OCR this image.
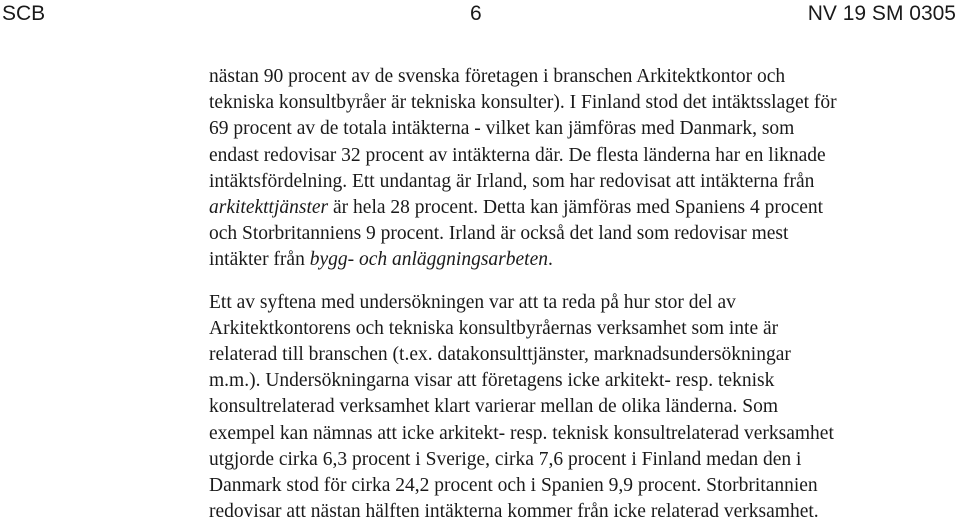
SCB	6	NV 19 SM 0305

nästan 90 procent av de svenska företagen i branschen Arkitektkontor och
tekniska konsultbyråer är tekniska konsulter). I Finland stod det intäktsslaget för
69 procent av de totala intäkterna - vilket kan jämföras med Danmark, som
endast redovisar 32 procent av intäkterna där. De flesta länderna har en liknade
intäktsfördelning. Ett undantag är Irland, som har redovisat att intäkterna från
arkitekttjänster är hela 28 procent. Detta kan jämföras med Spaniens 4 procent
och Storbritanniens 9 procent. Irland är också det land som redovisar mest
intäkter från bygg- och anläggningsarbeten.

Ett av syftena med undersökningen var att ta reda på hur stor del av
Arkitektkontorens och tekniska konsultbyråernas verksamhet som inte är
relaterad till branschen (t.ex. datakonsulttjänster, marknadsundersökningar
m.m.). Undersökningarna visar att företagens icke arkitekt- resp. teknisk
konsultrelaterad verksamhet klart varierar mellan de olika länderna. Som
exempel kan nämnas att icke arkitekt- resp. teknisk konsultrelaterad verksamhet
utgjorde cirka 6,3 procent i Sverige, cirka 7,6 procent i Finland medan den i
Danmark stod för cirka 24,2 procent och i Spanien 9,9 procent. Storbritannien
redovisar att nästan hälften intäkterna kommer från icke relaterad verksamhet.
